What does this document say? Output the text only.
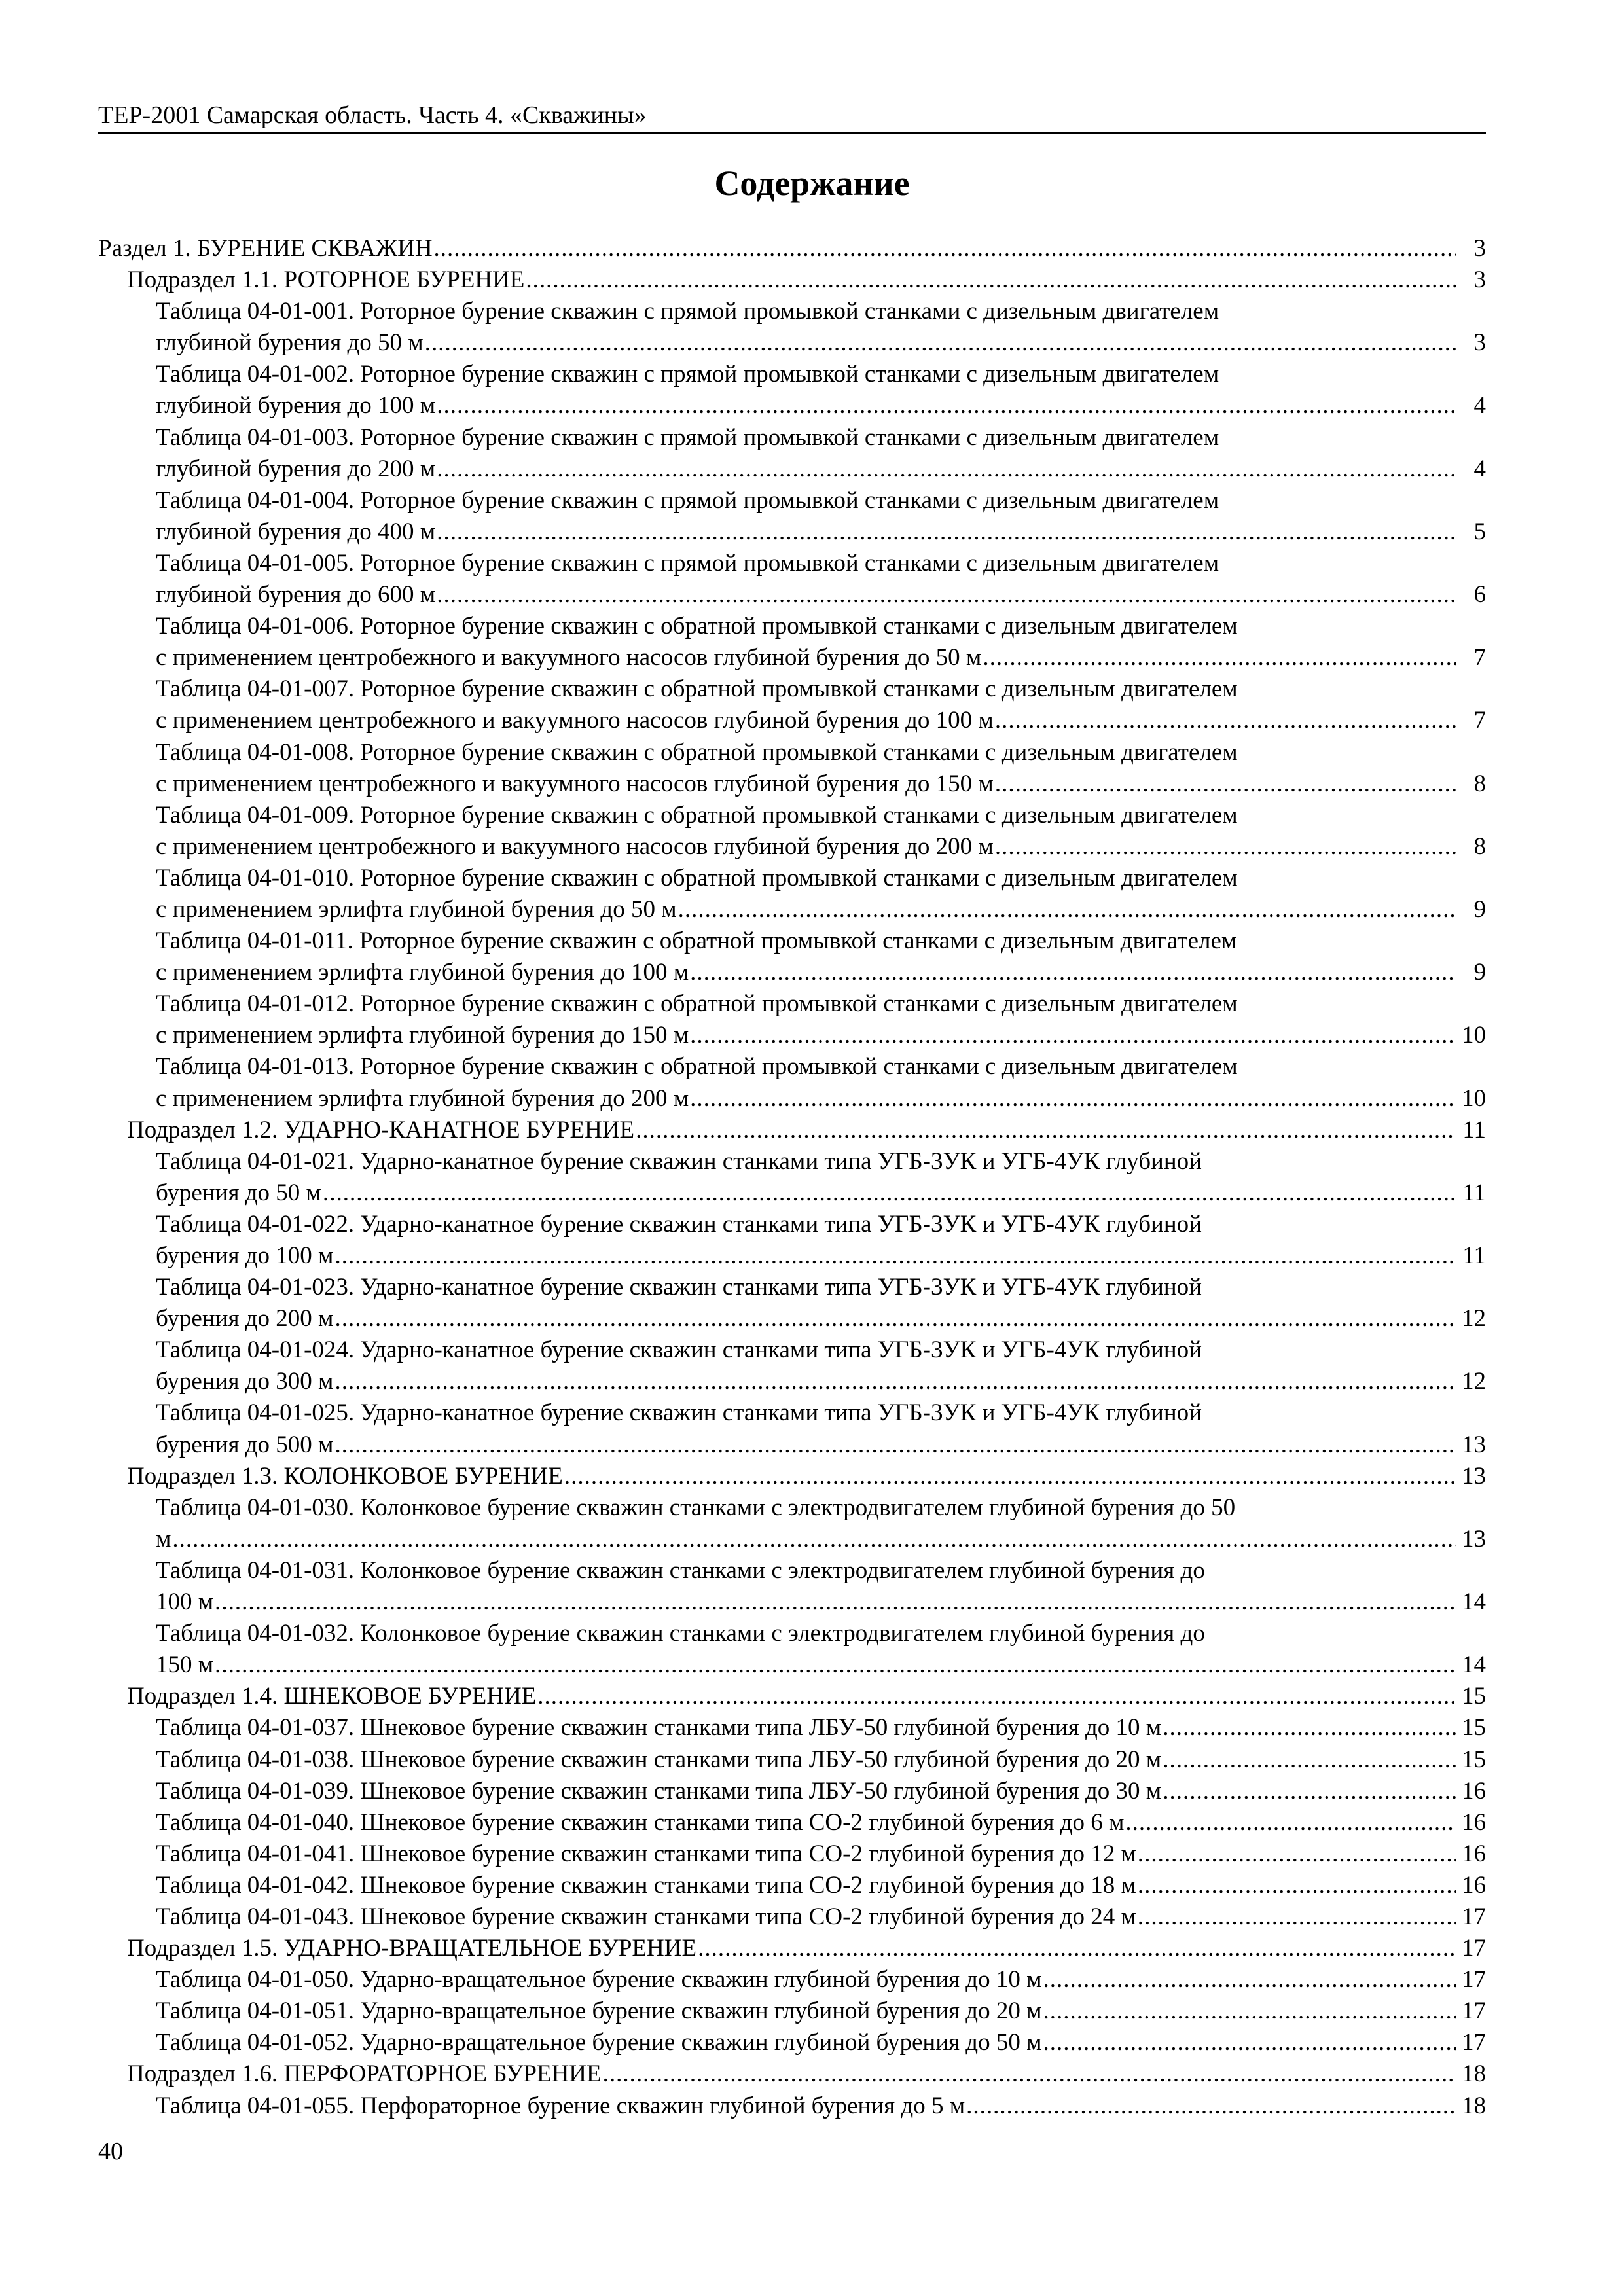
ТЕР-2001 Самарская область. Часть 4. «Скважины»
Содержание
Раздел 1. БУРЕНИЕ СКВАЖИН .....	3
Подраздел 1.1. РОТОРНОЕ БУРЕНИЕ .....	3
Таблица 04-01-001. Роторное бурение скважин с прямой промывкой станками с дизельным двигателем
глубиной бурения до 50 м .....	3
Таблица 04-01-002. Роторное бурение скважин с прямой промывкой станками с дизельным двигателем
глубиной бурения до 100 м .....	4
Таблица 04-01-003. Роторное бурение скважин с прямой промывкой станками с дизельным двигателем
глубиной бурения до 200 м .....	4
Таблица 04-01-004. Роторное бурение скважин с прямой промывкой станками с дизельным двигателем
глубиной бурения до 400 м .....	5
Таблица 04-01-005. Роторное бурение скважин с прямой промывкой станками с дизельным двигателем
глубиной бурения до 600 м .....	6
Таблица 04-01-006. Роторное бурение скважин с обратной промывкой станками с дизельным двигателем
с применением центробежного и вакуумного насосов глубиной бурения до 50 м .....	7
Таблица 04-01-007. Роторное бурение скважин с обратной промывкой станками с дизельным двигателем
с применением центробежного и вакуумного насосов глубиной бурения до 100 м .....	7
Таблица 04-01-008. Роторное бурение скважин с обратной промывкой станками с дизельным двигателем
с применением центробежного и вакуумного насосов глубиной бурения до 150 м .....	8
Таблица 04-01-009. Роторное бурение скважин с обратной промывкой станками с дизельным двигателем
с применением центробежного и вакуумного насосов глубиной бурения до 200 м .....	8
Таблица 04-01-010. Роторное бурение скважин с обратной промывкой станками с дизельным двигателем
с применением эрлифта глубиной бурения до 50 м .....	9
Таблица 04-01-011. Роторное бурение скважин с обратной промывкой станками с дизельным двигателем
с применением эрлифта глубиной бурения до 100 м .....	9
Таблица 04-01-012. Роторное бурение скважин с обратной промывкой станками с дизельным двигателем
с применением эрлифта глубиной бурения до 150 м .....	10
Таблица 04-01-013. Роторное бурение скважин с обратной промывкой станками с дизельным двигателем
с применением эрлифта глубиной бурения до 200 м .....	10
Подраздел 1.2. УДАРНО-КАНАТНОЕ БУРЕНИЕ .....	11
Таблица 04-01-021. Ударно-канатное бурение скважин станками типа УГБ-3УК и УГБ-4УК глубиной
бурения до 50 м .....	11
Таблица 04-01-022. Ударно-канатное бурение скважин станками типа УГБ-3УК и УГБ-4УК глубиной
бурения до 100 м .....	11
Таблица 04-01-023. Ударно-канатное бурение скважин станками типа УГБ-3УК и УГБ-4УК глубиной
бурения до 200 м .....	12
Таблица 04-01-024. Ударно-канатное бурение скважин станками типа УГБ-3УК и УГБ-4УК глубиной
бурения до 300 м .....	12
Таблица 04-01-025. Ударно-канатное бурение скважин станками типа УГБ-3УК и УГБ-4УК глубиной
бурения до 500 м .....	13
Подраздел 1.3. КОЛОНКОВОЕ БУРЕНИЕ .....	13
Таблица 04-01-030. Колонковое бурение скважин станками с электродвигателем глубиной бурения до 50
м .....	13
Таблица 04-01-031. Колонковое бурение скважин станками с электродвигателем глубиной бурения до
100 м .....	14
Таблица 04-01-032. Колонковое бурение скважин станками с электродвигателем глубиной бурения до
150 м .....	14
Подраздел 1.4. ШНЕКОВОЕ БУРЕНИЕ .....	15
Таблица 04-01-037. Шнековое бурение скважин станками типа ЛБУ-50 глубиной бурения до 10 м .....	15
Таблица 04-01-038. Шнековое бурение скважин станками типа ЛБУ-50 глубиной бурения до 20 м .....	15
Таблица 04-01-039. Шнековое бурение скважин станками типа ЛБУ-50 глубиной бурения до 30 м .....	16
Таблица 04-01-040. Шнековое бурение скважин станками типа СО-2 глубиной бурения до 6 м .....	16
Таблица 04-01-041. Шнековое бурение скважин станками типа СО-2 глубиной бурения до 12 м .....	16
Таблица 04-01-042. Шнековое бурение скважин станками типа СО-2 глубиной бурения до 18 м .....	16
Таблица 04-01-043. Шнековое бурение скважин станками типа СО-2 глубиной бурения до 24 м .....	17
Подраздел 1.5. УДАРНО-ВРАЩАТЕЛЬНОЕ БУРЕНИЕ .....	17
Таблица 04-01-050. Ударно-вращательное бурение скважин глубиной бурения до 10 м .....	17
Таблица 04-01-051. Ударно-вращательное бурение скважин глубиной бурения до 20 м .....	17
Таблица 04-01-052. Ударно-вращательное бурение скважин глубиной бурения до 50 м .....	17
Подраздел 1.6. ПЕРФОРАТОРНОЕ БУРЕНИЕ .....	18
Таблица 04-01-055. Перфораторное бурение скважин глубиной бурения до 5 м .....	18
40
